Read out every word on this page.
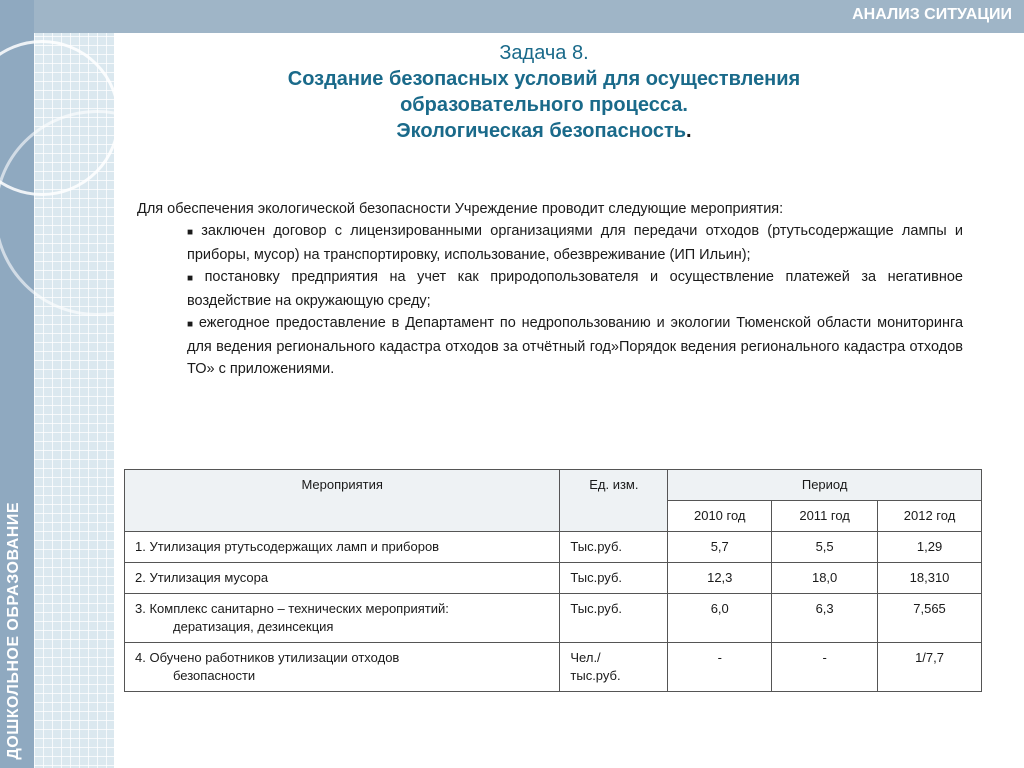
ДОШКОЛЬНОЕ ОБРАЗОВАНИЕ
АНАЛИЗ СИТУАЦИИ
Задача 8.
Создание безопасных условий для осуществления
образовательного процесса.
Экологическая безопасность.
Для обеспечения экологической безопасности Учреждение проводит следующие мероприятия:
■ заключен договор с лицензированными организациями для передачи отходов (ртутьсодержащие лампы и приборы, мусор) на транспортировку, использование, обезвреживание (ИП Ильин);
■ постановку предприятия на учет как природопользователя и осуществление платежей за негативное воздействие на окружающую среду;
■ ежегодное предоставление в Департамент по недропользованию и экологии Тюменской области мониторинга для ведения регионального кадастра отходов за отчётный год»Порядок ведения регионального кадастра отходов ТО» с приложениями.
Мероприятия	Ед. изм.	Период		
		2010 год	2011 год	2012 год
1. Утилизация ртутьсодержащих ламп и приборов	Тыс.руб.	5,7	5,5	1,29
2. Утилизация мусора	Тыс.руб.	12,3	18,0	18,310
3. Комплекс санитарно – технических мероприятий:
дератизация, дезинсекция	Тыс.руб.	6,0	6,3	7,565
4. Обучено работников утилизации отходов
безопасности	Чел./
тыс.руб.	-	-	1/7,7
